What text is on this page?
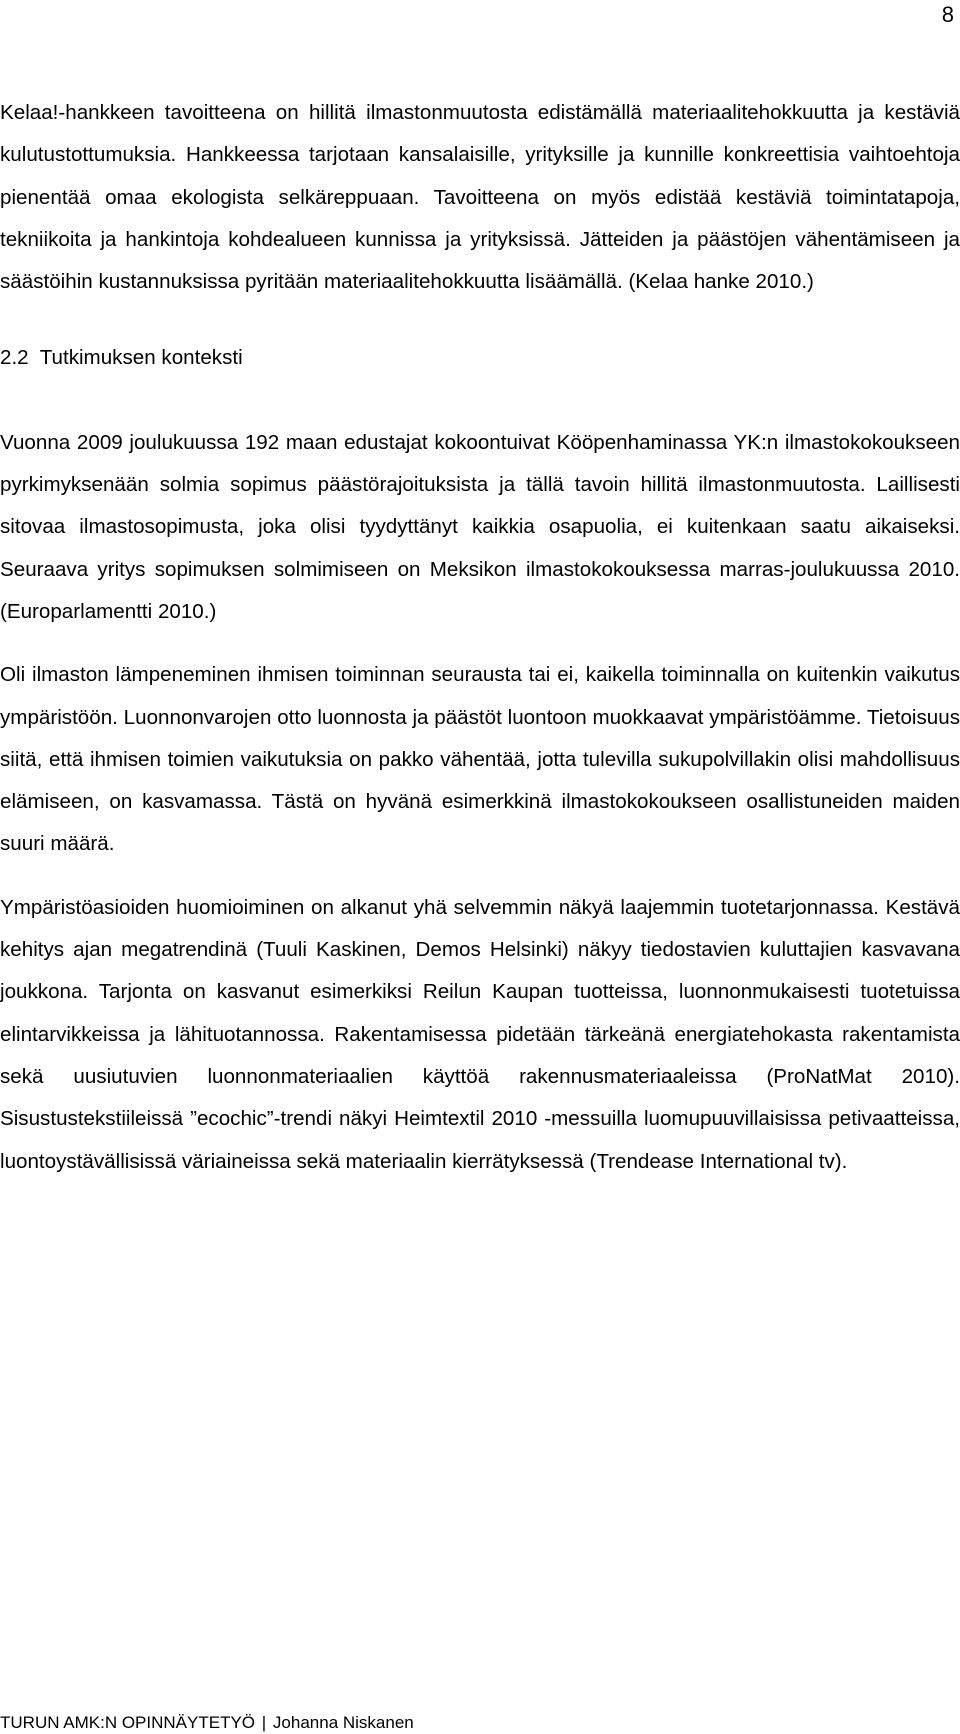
8

Kelaa!-hankkeen tavoitteena on hillitä ilmastonmuutosta edistämällä materiaalitehokkuutta ja kestäviä kulutustottumuksia. Hankkeessa tarjotaan kansalaisille, yrityksille ja kunnille konkreettisia vaihtoehtoja pienentää omaa ekologista selkäreppuaan. Tavoitteena on myös edistää kestäviä toimintatapoja, tekniikoita ja hankintoja kohdealueen kunnissa ja yrityksissä. Jätteiden ja päästöjen vähentämiseen ja säästöihin kustannuksissa pyritään materiaalitehokkuutta lisäämällä. (Kelaa hanke 2010.)

2.2  Tutkimuksen konteksti

Vuonna 2009 joulukuussa 192 maan edustajat kokoontuivat Kööpenhaminassa YK:n ilmastokokoukseen pyrkimyksenään solmia sopimus päästörajoituksista ja tällä tavoin hillitä ilmastonmuutosta. Laillisesti sitovaa ilmastosopimusta, joka olisi tyydyttänyt kaikkia osapuolia, ei kuitenkaan saatu aikaiseksi. Seuraava yritys sopimuksen solmimiseen on Meksikon ilmastokokouksessa marras-joulukuussa 2010. (Europarlamentti 2010.)

Oli ilmaston lämpeneminen ihmisen toiminnan seurausta tai ei, kaikella toiminnalla on kuitenkin vaikutus ympäristöön. Luonnonvarojen otto luonnosta ja päästöt luontoon muokkaavat ympäristöämme. Tietoisuus siitä, että ihmisen toimien vaikutuksia on pakko vähentää, jotta tulevilla sukupolvillakin olisi mahdollisuus elämiseen, on kasvamassa. Tästä on hyvänä esimerkkinä ilmastokokoukseen osallistuneiden maiden suuri määrä.

Ympäristöasioiden huomioiminen on alkanut yhä selvemmin näkyä laajemmin tuotetarjonnassa. Kestävä kehitys ajan megatrendinä (Tuuli Kaskinen, Demos Helsinki) näkyy tiedostavien kuluttajien kasvavana joukkona. Tarjonta on kasvanut esimerkiksi Reilun Kaupan tuotteissa, luonnonmukaisesti tuotetuissa elintarvikkeissa ja lähituotannossa. Rakentamisessa pidetään tärkeänä energiatehokasta rakentamista sekä uusiutuvien luonnonmateriaalien käyttöä rakennusmateriaaleissa (ProNatMat 2010). Sisustustekstiileissä ”ecochic”-trendi näkyi Heimtextil 2010 -messuilla luomupuuvillaisissa petivaatteissa, luontoystävällisissä väriaineissa sekä materiaalin kierrätyksessä (Trendease International tv).

TURUN AMK:N OPINNÄYTETYÖ | Johanna Niskanen
